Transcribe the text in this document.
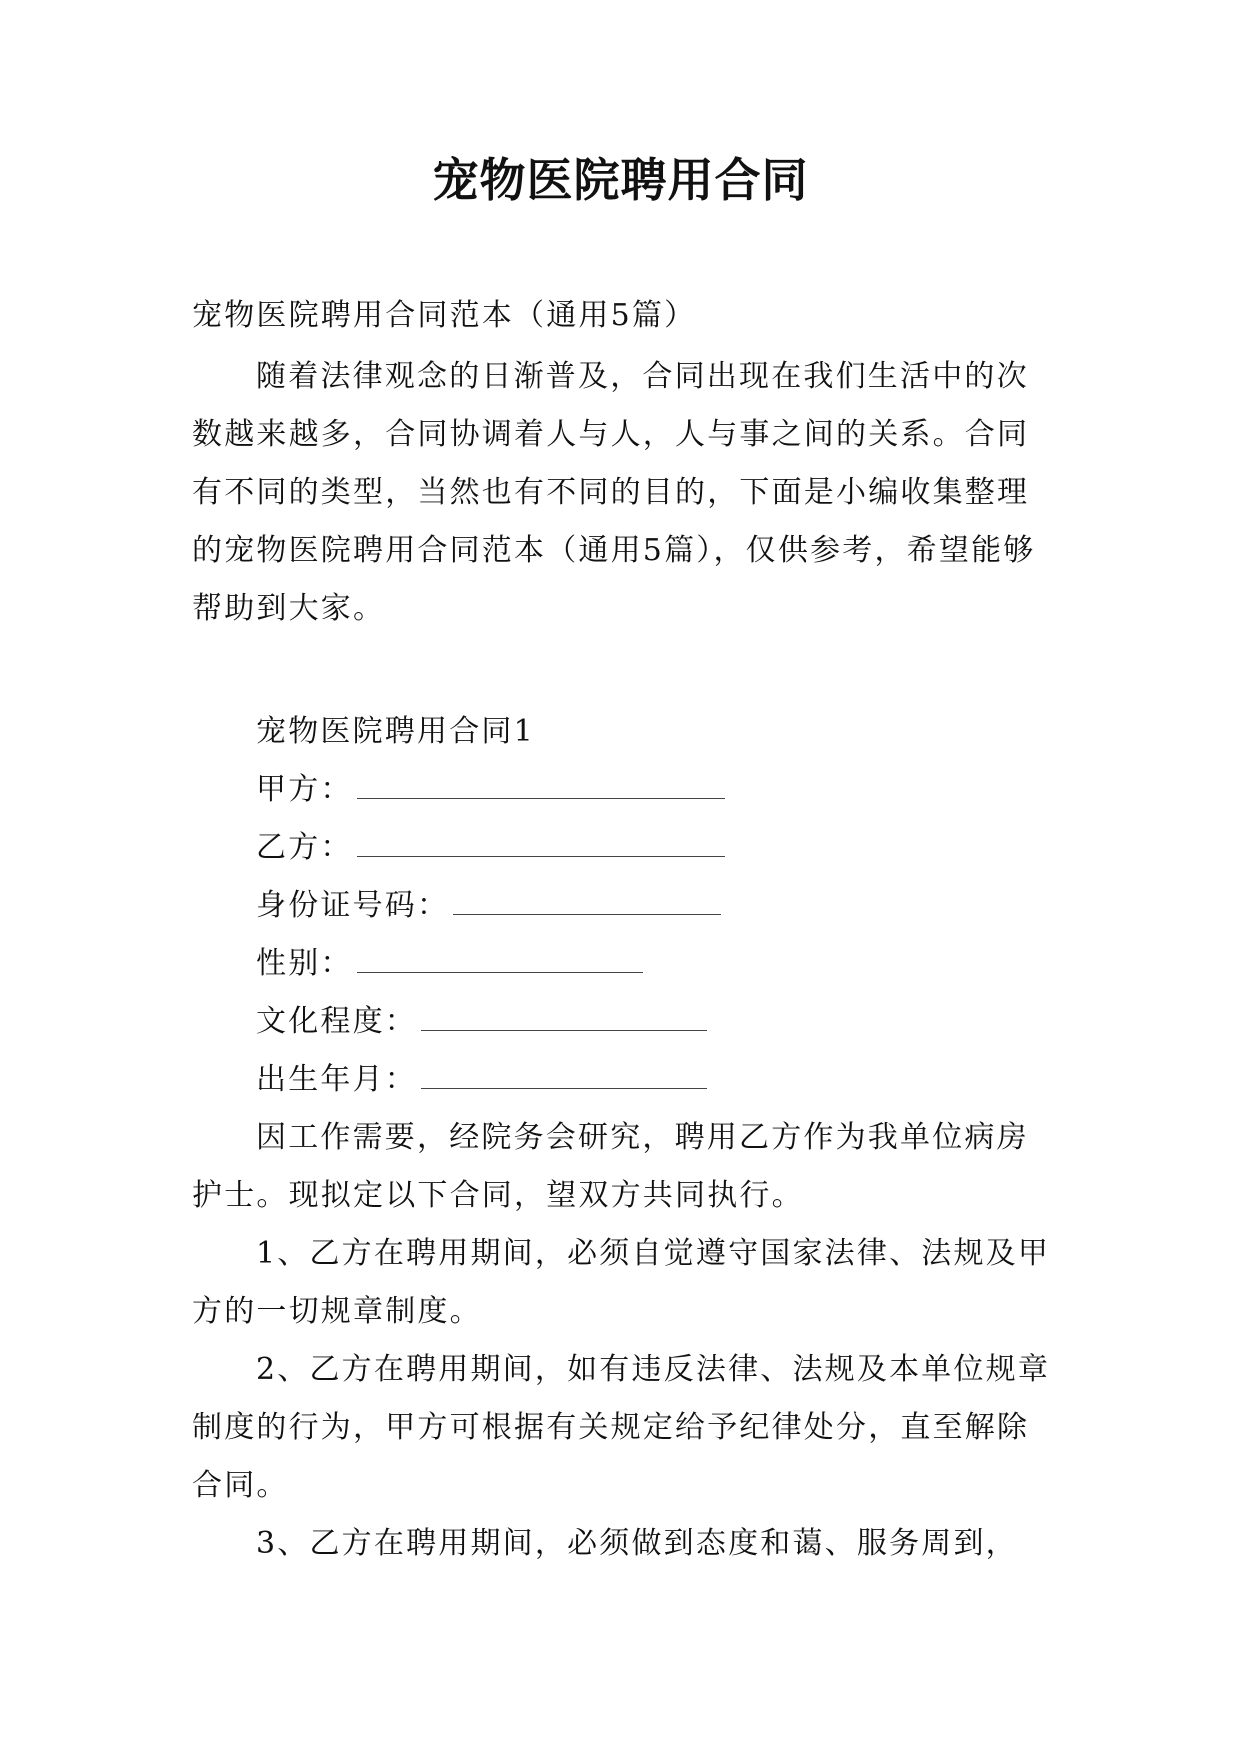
宠物医院聘用合同
宠物医院聘用合同范本（通用5篇）
随着法律观念的日渐普及，合同出现在我们生活中的次数越来越多，合同协调着人与人，人与事之间的关系。合同有不同的类型，当然也有不同的目的，下面是小编收集整理的宠物医院聘用合同范本（通用5篇），仅供参考，希望能够帮助到大家。
宠物医院聘用合同1
甲方：
乙方：
身份证号码：
性别：
文化程度：
出生年月：

因工作需要，经院务会研究，聘用乙方作为我单位病房护士。现拟定以下合同，望双方共同执行。

1、乙方在聘用期间，必须自觉遵守国家法律、法规及甲方的一切规章制度。

2、乙方在聘用期间，如有违反法律、法规及本单位规章制度的行为，甲方可根据有关规定给予纪律处分，直至解除合同。

3、乙方在聘用期间，必须做到态度和蔼、服务周到，
